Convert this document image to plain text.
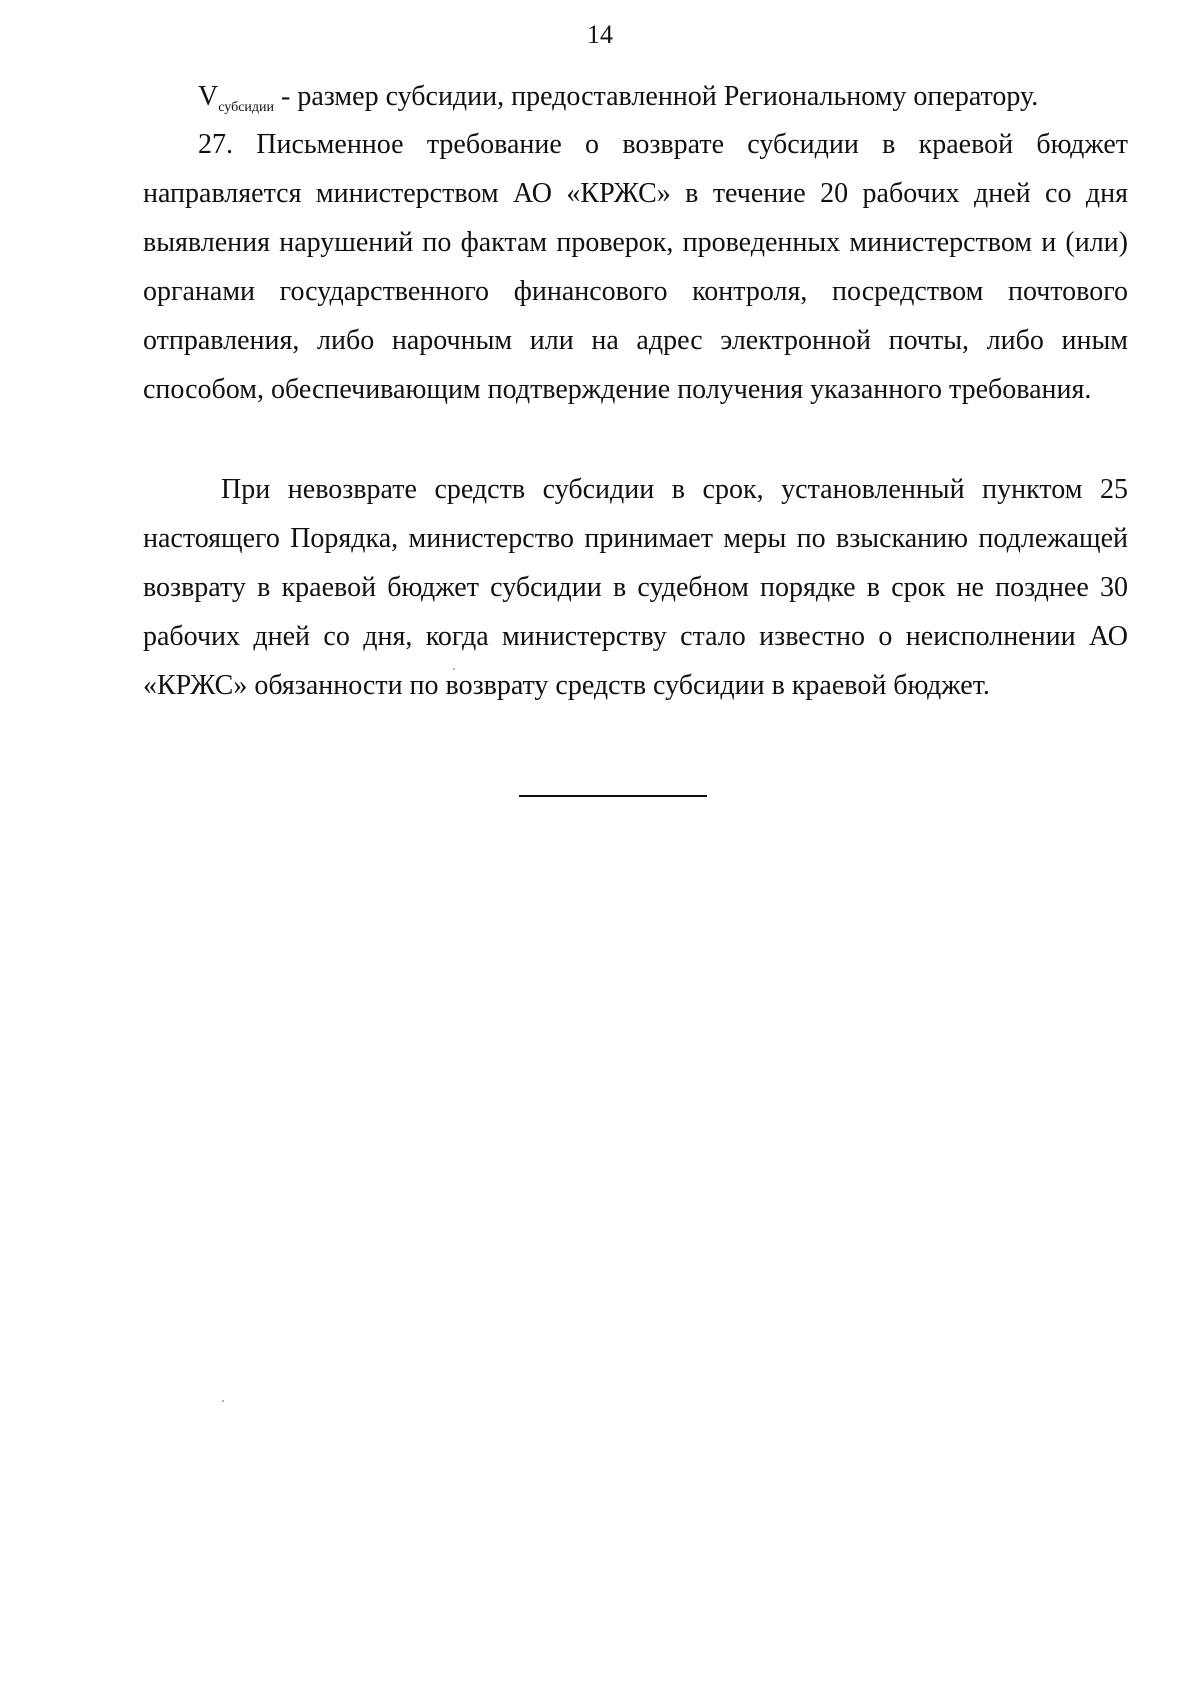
14
$V_{субсидии}$ - размер субсидии, предоставленной Региональному оператору.
27. Письменное требование о возврате субсидии в краевой бюджет направляется министерством АО «КРЖС» в течение 20 рабочих дней со дня выявления нарушений по фактам проверок, проведенных министерством и (или) органами государственного финансового контроля, посредством почтового отправления, либо нарочным или на адрес электронной почты, либо иным способом, обеспечивающим подтверждение получения указанного требования.
При невозврате средств субсидии в срок, установленный пунктом 25 настоящего Порядка, министерство принимает меры по взысканию подлежащей возврату в краевой бюджет субсидии в судебном порядке в срок не позднее 30 рабочих дней со дня, когда министерству стало известно о неисполнении АО «КРЖС» обязанности по возврату средств субсидии в краевой бюджет.
